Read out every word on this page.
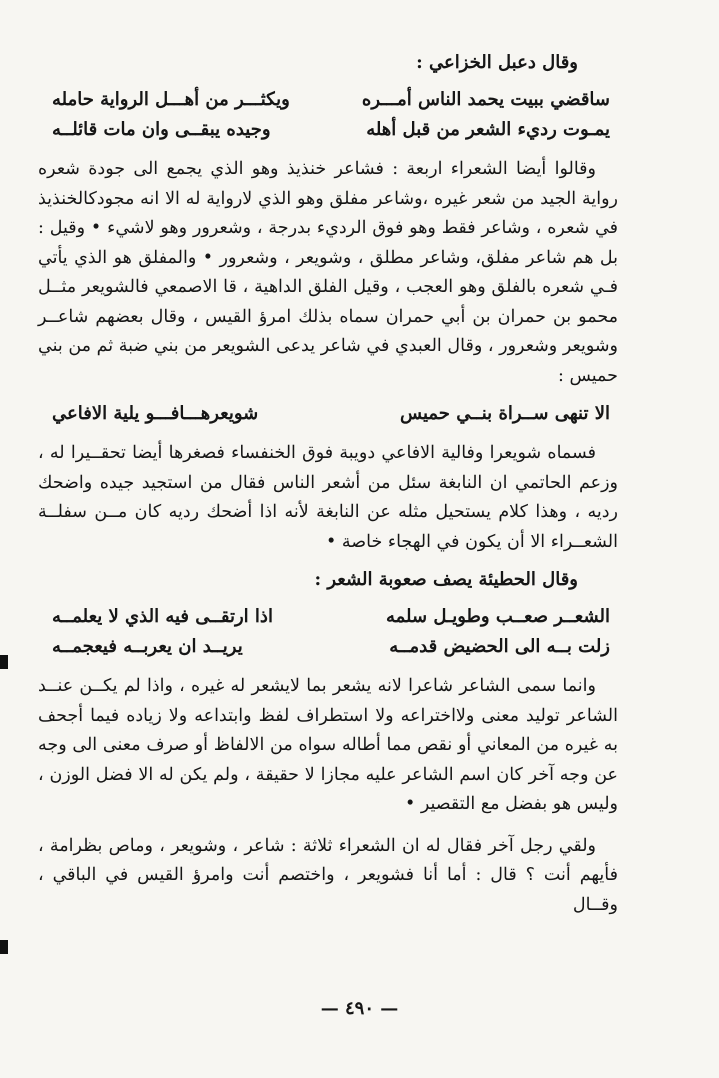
وقال دعبل الخزاعي :

ساقضي ببيت يحمد الناس أمـــره
ويكثـــر من أهـــل الرواية حامله
يمـوت رديء الشعر من قبل أهله
وجيده يبقــى وان مات قائلــه

وقالوا أيضا الشعراء اربعة : فشاعر خنذيذ وهو الذي يجمع الى جودة شعره رواية الجيد من شعر غيره ،وشاعر مفلق وهو الذي لارواية له الا انه مجودكالخنذيذ في شعره ، وشاعر فقط وهو فوق الرديء بدرجة ، وشعرور وهو لاشيء • وقيل : بل هم شاعر مفلق، وشاعر مطلق ، وشويعر ، وشعرور • والمفلق هو الذي يأتي فـي شعره بالفلق وهو العجب ، وقيل الفلق الداهية ، قا الاصمعي فالشويعر مثــل محمو بن حمران بن أبي حمران سماه بذلك امرؤ القيس ، وقال بعضهم شاعــر وشويعر وشعرور ، وقال العبدي في شاعر يدعى الشويعر من بني ضبة ثم من بني حميس :

الا تنهى ســراة بنــي حميس
شويعرهـــافـــو يلية الافاعي

فسماه شويعرا وفالية الافاعي دويبة فوق الخنفساء فصغرها أيضا تحقــيرا له ، وزعم الحاتمي ان النابغة سئل من أشعر الناس فقال من استجيد جيده واضحك رديه ، وهذا كلام يستحيل مثله عن النابغة لأنه اذا أضحك رديه كان مــن سفلــة الشعــراء الا أن يكون في الهجاء خاصة •

وقال الحطيئة يصف صعوبة الشعر :

الشعــر صعــب وطويـل سلمه
اذا ارتقــى فيه الذي لا يعلمــه
زلت بــه الى الحضيض قدمــه
يريــد ان يعربــه فيعجمــه

وانما سمى الشاعر شاعرا لانه يشعر بما لايشعر له غيره ، واذا لم يكــن عنــد الشاعر توليد معنى ولااختراعه ولا استطراف لفظ وابتداعه ولا زياده فيما أجحف به غيره من المعاني أو نقص مما أطاله سواه من الالفاظ أو صرف معنى الى وجه عن وجه آخر كان اسم الشاعر عليه مجازا لا حقيقة ، ولم يكن له الا فضل الوزن ، وليس هو بفضل مع التقصير •

ولقي رجل آخر فقال له ان الشعراء ثلاثة : شاعر ، وشويعر ، وماص بظرامة ، فأيهم أنت ؟ قال : أما أنا فشويعر ، واختصم أنت وامرؤ القيس في الباقي ، وقــال

— ٤٩٠ —
